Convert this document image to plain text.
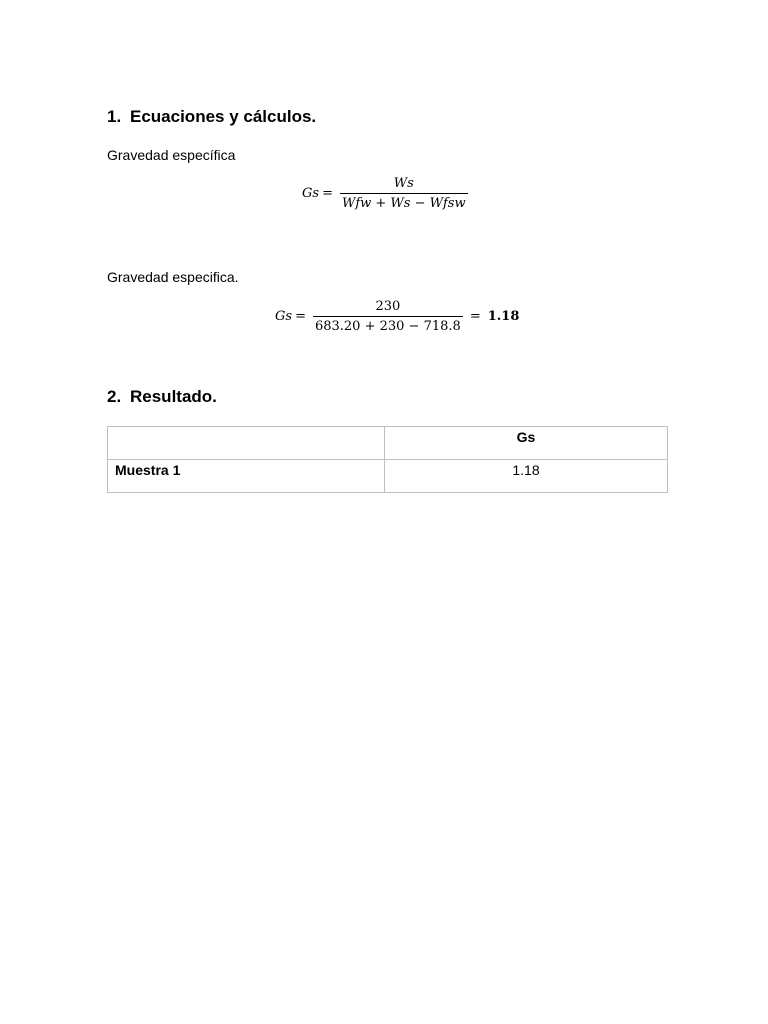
1. Ecuaciones y cálculos.
Gravedad específica
$Gs = \frac{Ws}{\text{Wfw + Ws − Wfsw}}$
Gravedad especifica.
$Gs = \frac{230}{683.20 + 230 - 718.8} = 1.18$
2. Resultado.
	Gs
Muestra 1	1.18
